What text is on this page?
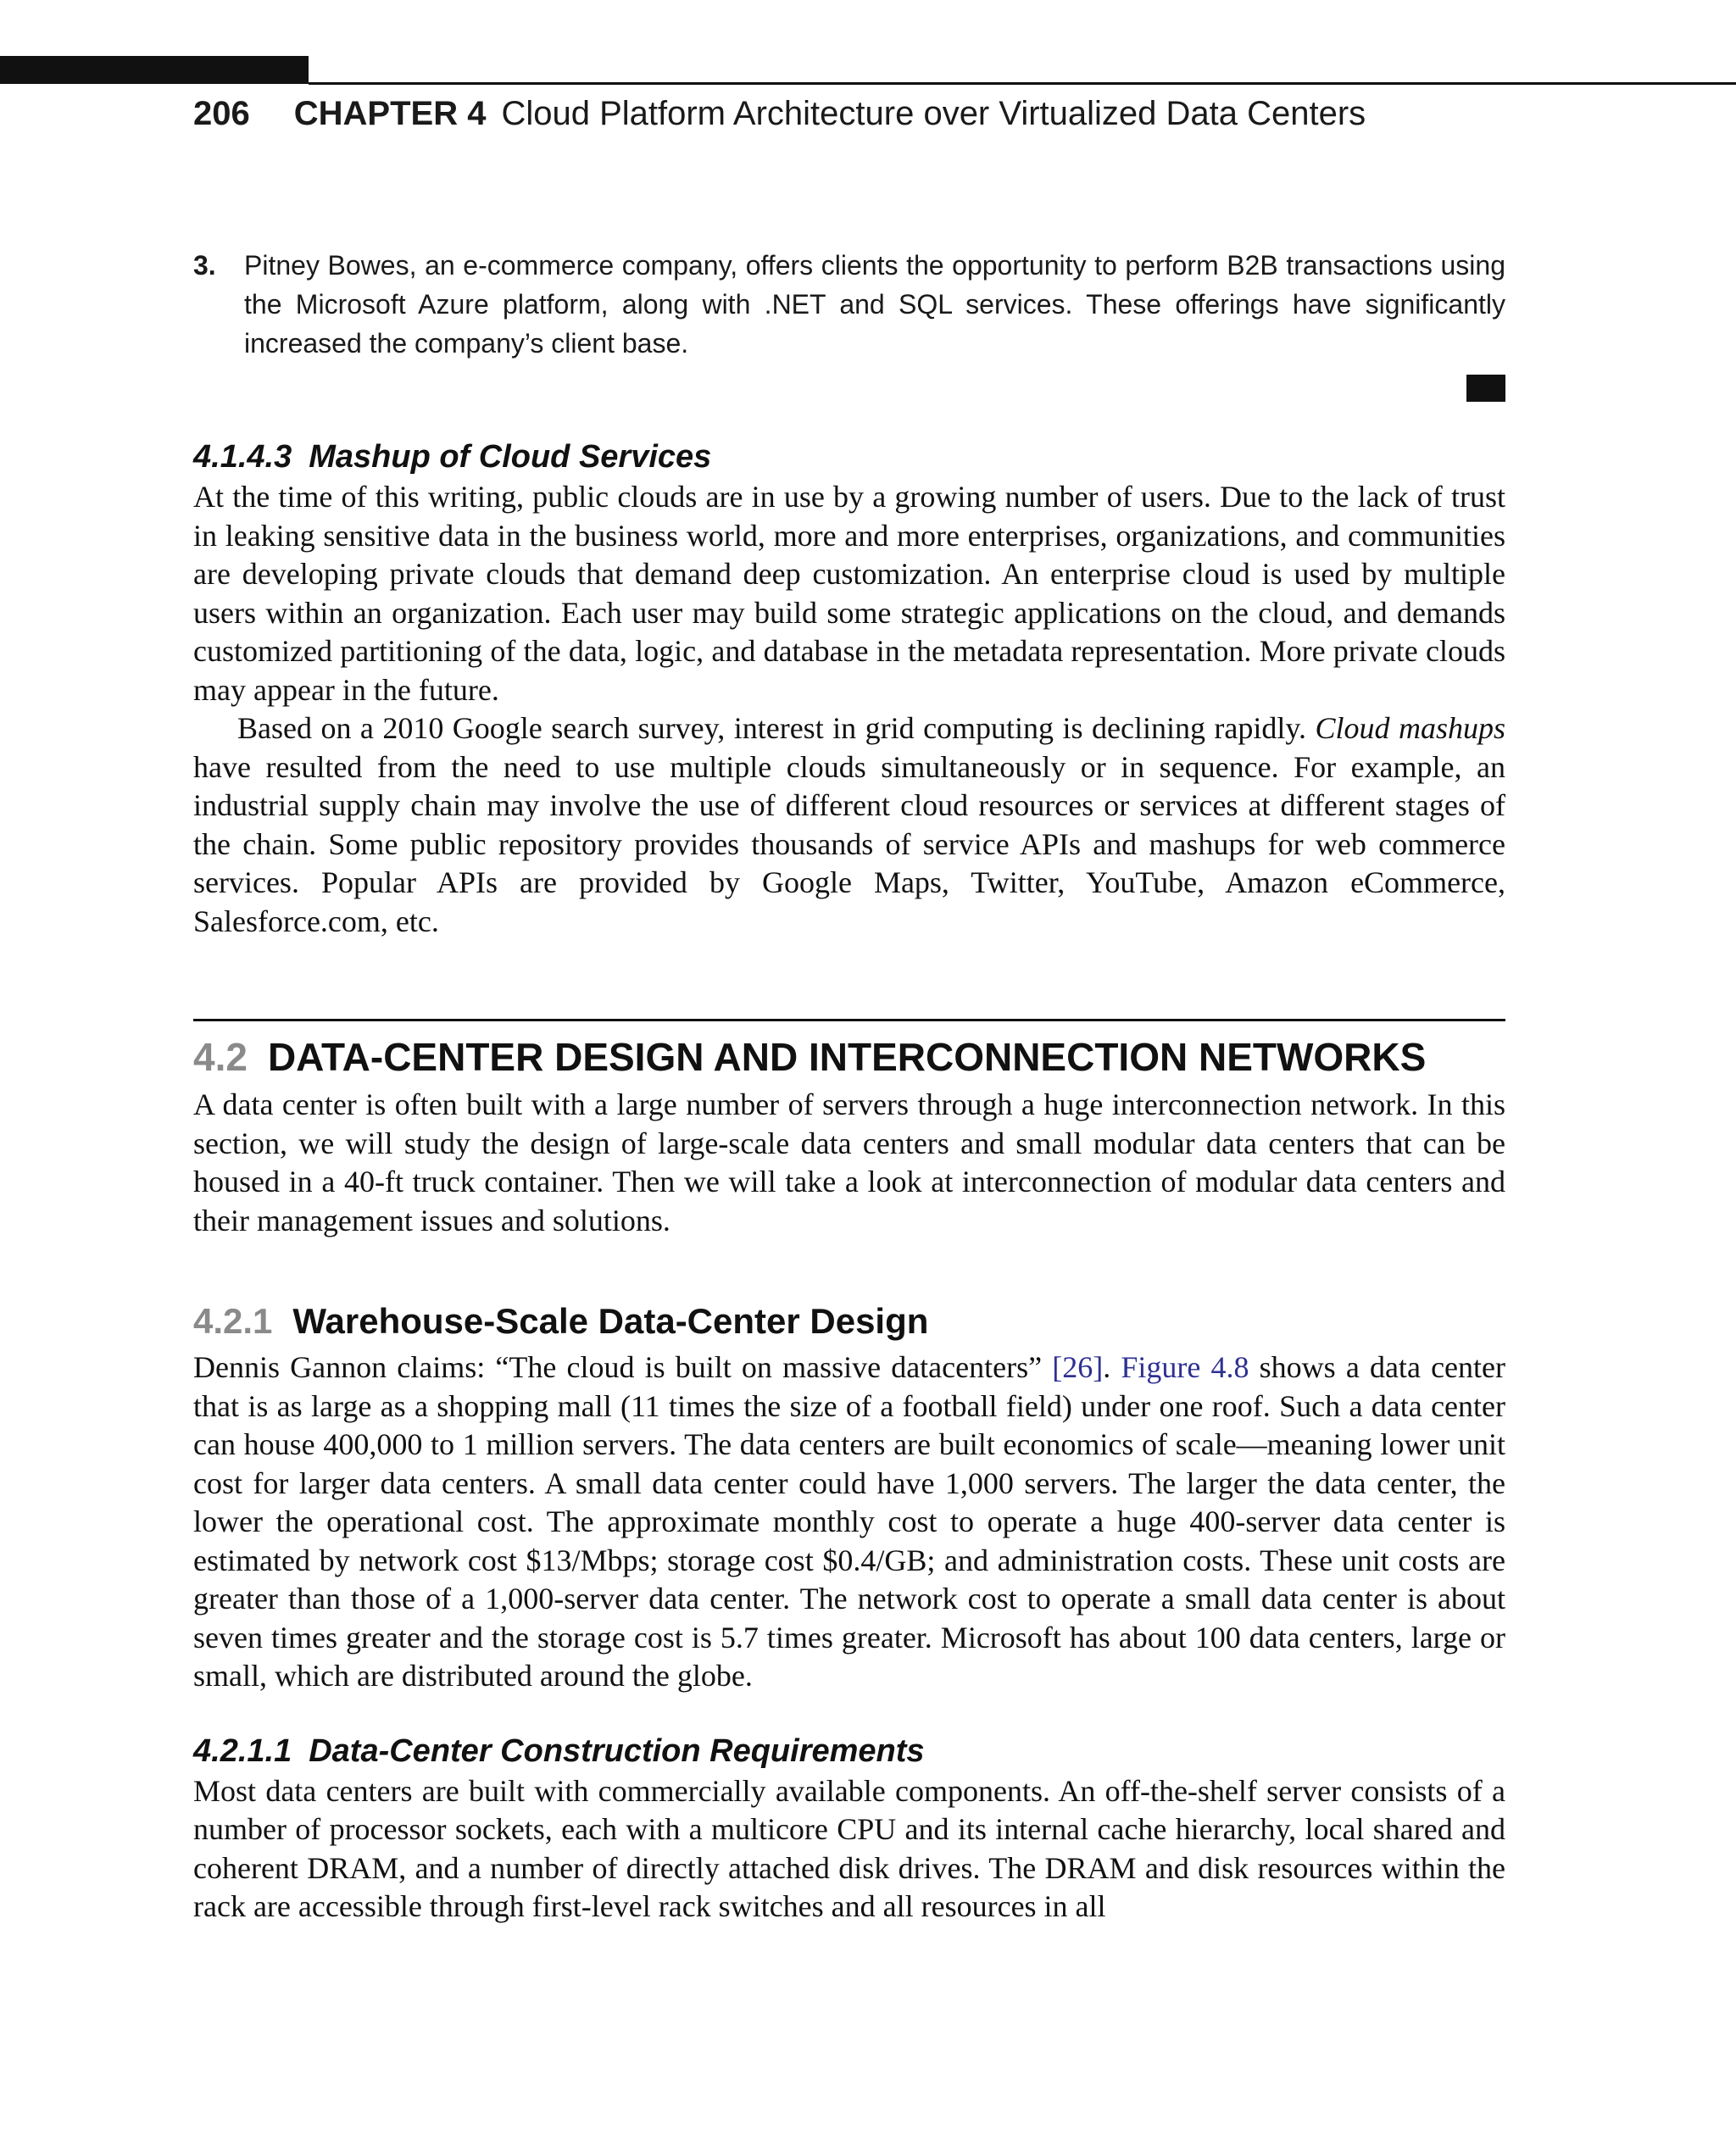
206 CHAPTER 4 Cloud Platform Architecture over Virtualized Data Centers
3.	Pitney Bowes, an e-commerce company, offers clients the opportunity to perform B2B transactions using the Microsoft Azure platform, along with .NET and SQL services. These offerings have significantly increased the company’s client base.
4.1.4.3 Mashup of Cloud Services

At the time of this writing, public clouds are in use by a growing number of users. Due to the lack of trust in leaking sensitive data in the business world, more and more enterprises, organizations, and communities are developing private clouds that demand deep customization. An enterprise cloud is used by multiple users within an organization. Each user may build some strategic applications on the cloud, and demands customized partitioning of the data, logic, and database in the metadata representation. More private clouds may appear in the future.

Based on a 2010 Google search survey, interest in grid computing is declining rapidly. Cloud mashups have resulted from the need to use multiple clouds simultaneously or in sequence. For example, an industrial supply chain may involve the use of different cloud resources or services at different stages of the chain. Some public repository provides thousands of service APIs and mashups for web commerce services. Popular APIs are provided by Google Maps, Twitter, YouTube, Amazon eCommerce, Salesforce.com, etc.

4.2 DATA-CENTER DESIGN AND INTERCONNECTION NETWORKS

A data center is often built with a large number of servers through a huge interconnection network. In this section, we will study the design of large-scale data centers and small modular data centers that can be housed in a 40-ft truck container. Then we will take a look at interconnection of modular data centers and their management issues and solutions.

4.2.1 Warehouse-Scale Data-Center Design

Dennis Gannon claims: “The cloud is built on massive datacenters” [26]. Figure 4.8 shows a data center that is as large as a shopping mall (11 times the size of a football field) under one roof. Such a data center can house 400,000 to 1 million servers. The data centers are built economics of scale—meaning lower unit cost for larger data centers. A small data center could have 1,000 servers. The larger the data center, the lower the operational cost. The approximate monthly cost to operate a huge 400-server data center is estimated by network cost $13/Mbps; storage cost $0.4/GB; and administration costs. These unit costs are greater than those of a 1,000-server data center. The network cost to operate a small data center is about seven times greater and the storage cost is 5.7 times greater. Microsoft has about 100 data centers, large or small, which are distributed around the globe.

4.2.1.1 Data-Center Construction Requirements

Most data centers are built with commercially available components. An off-the-shelf server consists of a number of processor sockets, each with a multicore CPU and its internal cache hierarchy, local shared and coherent DRAM, and a number of directly attached disk drives. The DRAM and disk resources within the rack are accessible through first-level rack switches and all resources in all
